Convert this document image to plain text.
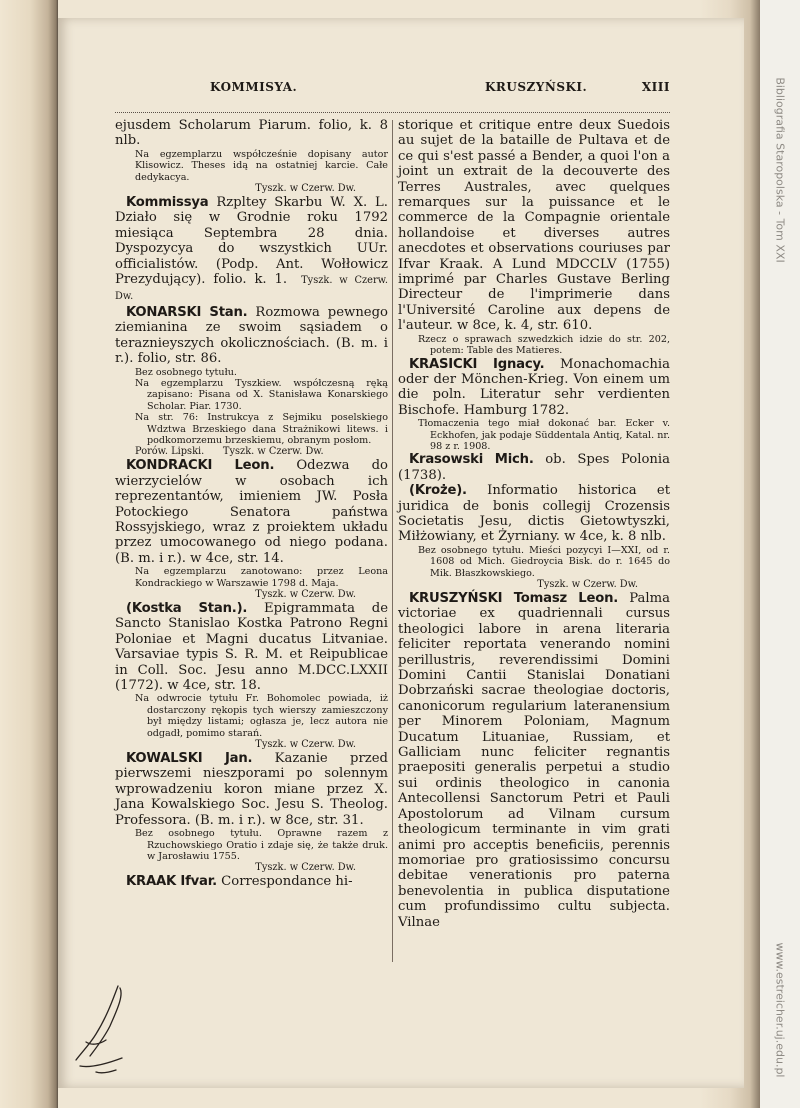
Bibliografia Staropolska - Tom XXI
www.estreicher.uj.edu.pl
KOMMISYA.	KRUSZYŃSKI.	XIII

ejusdem Scholarum Piarum. folio, k. 8 nlb.

Na egzemplarzu współcześnie dopisany autor Klisowicz. Theses idą na ostatniej karcie. Całe dedykacya.

Tyszk. w Czerw. Dw.

Kommissya Rzpltey Skarbu W. X. L. Działo się w Grodnie roku 1792 miesiąca Septembra 28 dnia. Dyspozycya do wszystkich UUr. officialistów. (Podp. Ant. Wołłowicz Prezydujący). folio. k. 1. Tyszk. w Czerw. Dw.

KONARSKI Stan. Rozmowa pewnego ziemianina ze swoim sąsiadem o teraznieyszych okolicznościach. (B. m. i r.). folio, str. 86.

Bez osobnego tytułu.

Na egzemplarzu Tyszkiew. współczesną ręką zapisano: Pisana od X. Stanisława Konarskiego Scholar. Piar. 1730.

Na str. 76: Instrukcya z Sejmiku poselskiego Wdztwa Brzeskiego dana Strażnikowi litews. i podkomorzemu brzeskiemu, obranym posłom.

Porów. Lipski.      Tyszk. w Czerw. Dw.

KONDRACKI Leon. Odezwa do wierzycielów w osobach ich reprezentantów, imieniem JW. Posła Potockiego Senatora państwa Rossyjskiego, wraz z proiektem układu przez umocowanego od niego podana. (B. m. i r.). w 4ce, str. 14.

Na egzemplarzu zanotowano: przez Leona Kondrackiego w Warszawie 1798 d. Maja.

Tyszk. w Czerw. Dw.

(Kostka Stan.). Epigrammata de Sancto Stanislao Kostka Patrono Regni Poloniae et Magni ducatus Litvaniae. Varsaviae typis S. R. M. et Reipublicae in Coll. Soc. Jesu anno M.DCC.LXXII (1772). w 4ce, str. 18.

Na odwrocie tytułu Fr. Bohomolec powiada, iż dostarczony rękopis tych wierszy zamieszczony był między listami; ogłasza je, lecz autora nie odgadł, pomimo starań.

Tyszk. w Czerw. Dw.

KOWALSKI Jan. Kazanie przed pierwszemi nieszporami po solennym wprowadzeniu koron miane przez X. Jana Kowalskiego Soc. Jesu S. Theolog. Professora. (B. m. i r.). w 8ce, str. 31.

Bez osobnego tytułu. Oprawne razem z Rzuchowskiego Oratio i zdaje się, że także druk. w Jarosławiu 1755.

Tyszk. w Czerw. Dw.

KRAAK Ifvar. Correspondance hi-

storique et critique entre deux Suedois au sujet de la bataille de Pultava et de ce qui s'est passé a Bender, a quoi l'on a joint un extrait de la decouverte des Terres Australes, avec quelques remarques sur la puissance et le commerce de la Compagnie orientale hollandoise et diverses autres anecdotes et observations couriuses par Ifvar Kraak. A Lund MDCCLV (1755) imprimé par Charles Gustave Berling Directeur de l'imprimerie dans l'Université Caroline aux depens de l'auteur. w 8ce, k. 4, str. 610.

Rzecz o sprawach szwedzkich idzie do str. 202, potem: Table des Matieres.

KRASICKI Ignacy. Monachomachia oder der Mönchen-Krieg. Von einem um die poln. Literatur sehr verdienten Bischofe. Hamburg 1782.

Tłomaczenia tego miał dokonać bar. Ecker v. Eckhofen, jak podaje Süddentala Antiq, Katal. nr. 98 z r. 1908.

Krasowski Mich. ob. Spes Polonia (1738).

(Kroże). Informatio historica et juridica de bonis collegij Crozensis Societatis Jesu, dictis Gietowtyszki, Miłżowiany, et Żyrniany. w 4ce, k. 8 nlb.

Bez osobnego tytułu. Mieści pozycyi I—XXI, od r. 1608 od Mich. Giedroycia Bisk. do r. 1645 do Mik. Błaszkowskiego.

Tyszk. w Czerw. Dw.

KRUSZYŃSKI Tomasz Leon. Palma victoriae ex quadriennali cursus theologici labore in arena literaria feliciter reportata venerando nomini perillustris, reverendissimi Domini Domini Cantii Stanislai Donatiani Dobrzański sacrae theologiae doctoris, canonicorum regularium lateranensium per Minorem Poloniam, Magnum Ducatum Lituaniae, Russiam, et Galliciam nunc feliciter regnantis praepositi generalis perpetui a studio sui ordinis theologico in canonia Antecollensi Sanctorum Petri et Pauli Apostolorum ad Vilnam cursum theologicum terminante in vim grati animi pro acceptis beneficiis, perennis momoriae pro gratiosissimo concursu debitae venerationis pro paterna benevolentia in publica disputatione cum profundissimo cultu subjecta. Vilnae
